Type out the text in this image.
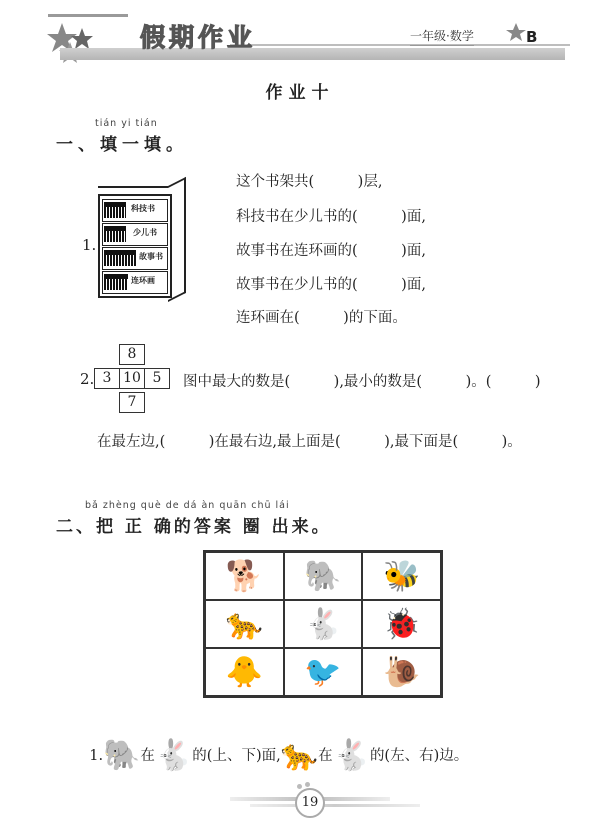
假期作业	一年级·数学	B
作业十
tián yi tián
一、填一填。
1.
科技书
少儿书
故事书
连环画
这个书架共(　　　)层,
科技书在少儿书的(　　　)面,
故事书在连环画的(　　　)面,
故事书在少儿书的(　　　)面,
连环画在(　　　)的下面。
2.
8
3 10 5
7
图中最大的数是(　　　),最小的数是(　　　)。(　　　)
在最左边,(　　　)在最右边,最上面是(　　　),最下面是(　　　)。
bǎ zhèng què de dá àn quān chū lái
二、把 正 确的答案 圈 出来。
🐕	🐘	🐝
🐆	🐇	🐞
🐥	🐦	🐌

1.🐘在🐇的(上、下)面,🐆在🐇的(左、右)边。

19
